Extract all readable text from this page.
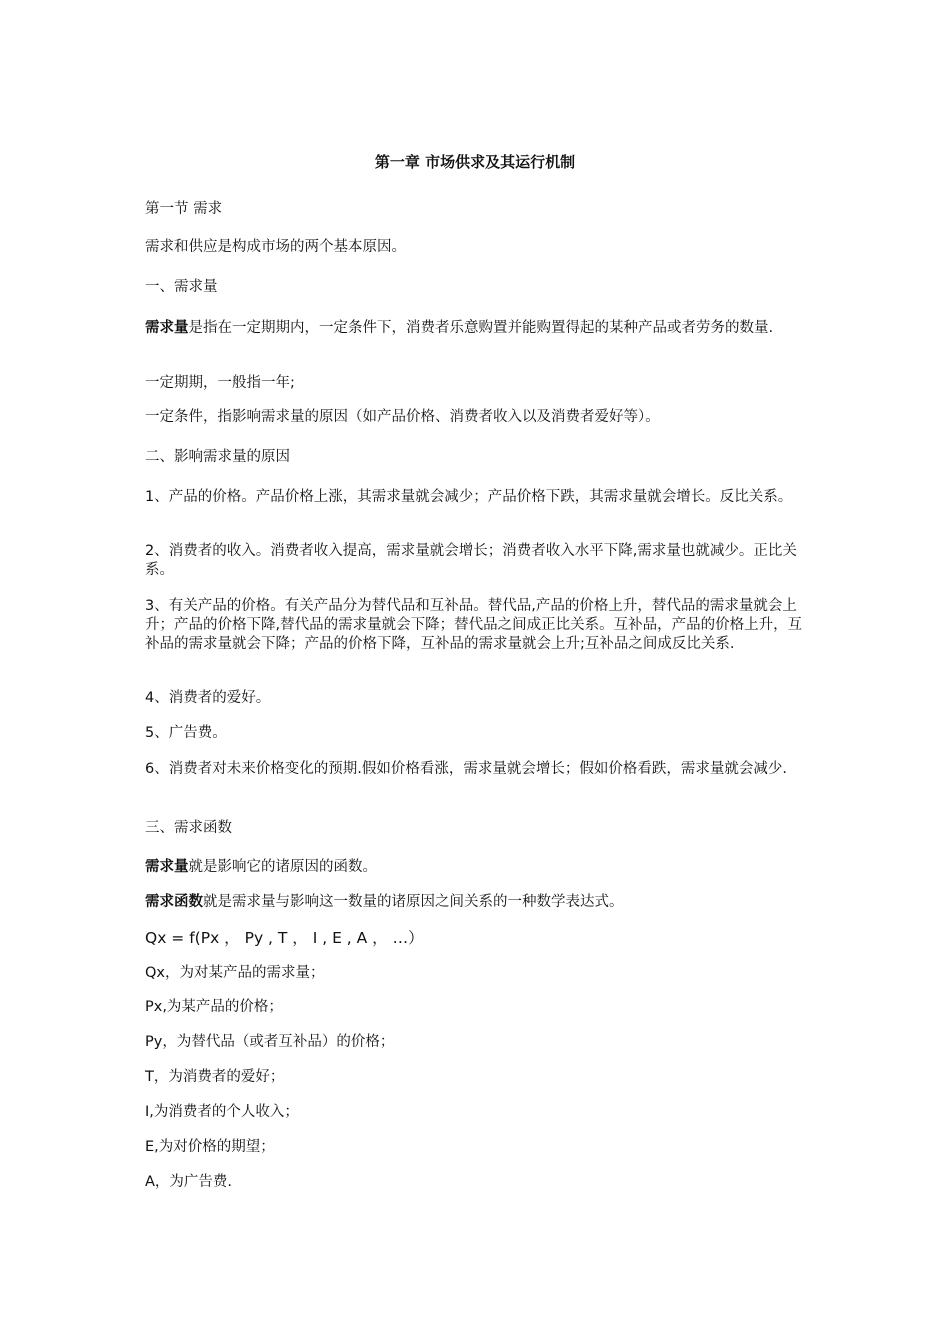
第一章 市场供求及其运行机制
第一节 需求
需求和供应是构成市场的两个基本原因。
一、需求量
需求量是指在一定期期内，一定条件下，消费者乐意购置并能购置得起的某种产品或者劳务的数量.
一定期期，一般指一年;
一定条件，指影响需求量的原因（如产品价格、消费者收入以及消费者爱好等）。
二、影响需求量的原因
1、产品的价格。产品价格上涨，其需求量就会减少；产品价格下跌，其需求量就会增长。反比关系。
2、消费者的收入。消费者收入提高，需求量就会增长；消费者收入水平下降,需求量也就减少。正比关系。
3、有关产品的价格。有关产品分为替代品和互补品。替代品,产品的价格上升，替代品的需求量就会上升；产品的价格下降,替代品的需求量就会下降；替代品之间成正比关系。互补品，产品的价格上升，互补品的需求量就会下降；产品的价格下降，互补品的需求量就会上升;互补品之间成反比关系.
4、消费者的爱好。
5、广告费。
6、消费者对未来价格变化的预期.假如价格看涨，需求量就会增长；假如价格看跌，需求量就会减少.
三、需求函数
需求量就是影响它的诸原因的函数。
需求函数就是需求量与影响这一数量的诸原因之间关系的一种数学表达式。
Qx = f(Px ， Py , T ， I , E , A ， …）
Qx，为对某产品的需求量；
Px,为某产品的价格；
Py，为替代品（或者互补品）的价格；
T，为消费者的爱好；
I,为消费者的个人收入；
E,为对价格的期望；
A，为广告费.
